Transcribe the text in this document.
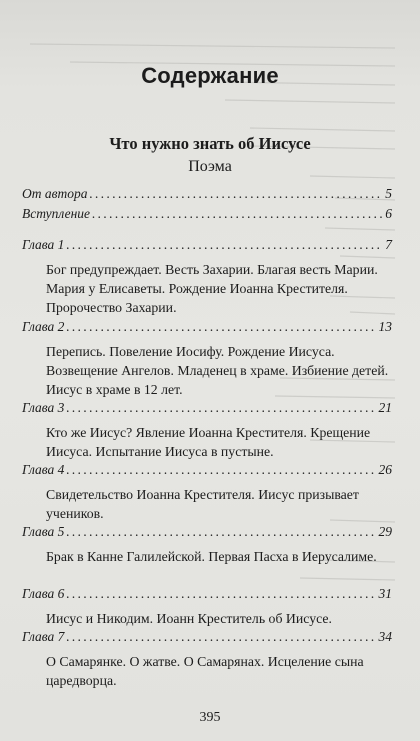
Содержание
Что нужно знать об Иисусе
Поэма
От автора . . .	5
Вступление . . .	6
Глава 1 . . .	7
Бог предупреждает. Весть Захарии. Благая весть Марии. Мария у Елисаветы. Рождение Иоанна Крестителя. Пророчество Захарии.
Глава 2 . . .	13
Перепись. Повеление Иосифу. Рождение Иисуса. Возвещение Ангелов. Младенец в храме. Избиение детей. Иисус в храме в 12 лет.
Глава 3 . . .	21
Кто же Иисус? Явление Иоанна Крестителя. Крещение Иисуса. Испытание Иисуса в пустыне.
Глава 4 . . .	26
Свидетельство Иоанна Крестителя. Иисус призывает учеников.
Глава 5 . . .	29
Брак в Канне Галилейской. Первая Пасха в Иерусалиме.
Глава 6 . . .	31
Иисус и Никодим. Иоанн Креститель об Иисусе.
Глава 7 . . .	34
О Самарянке. О жатве. О Самарянах. Исцеление сына царедворца.
395
